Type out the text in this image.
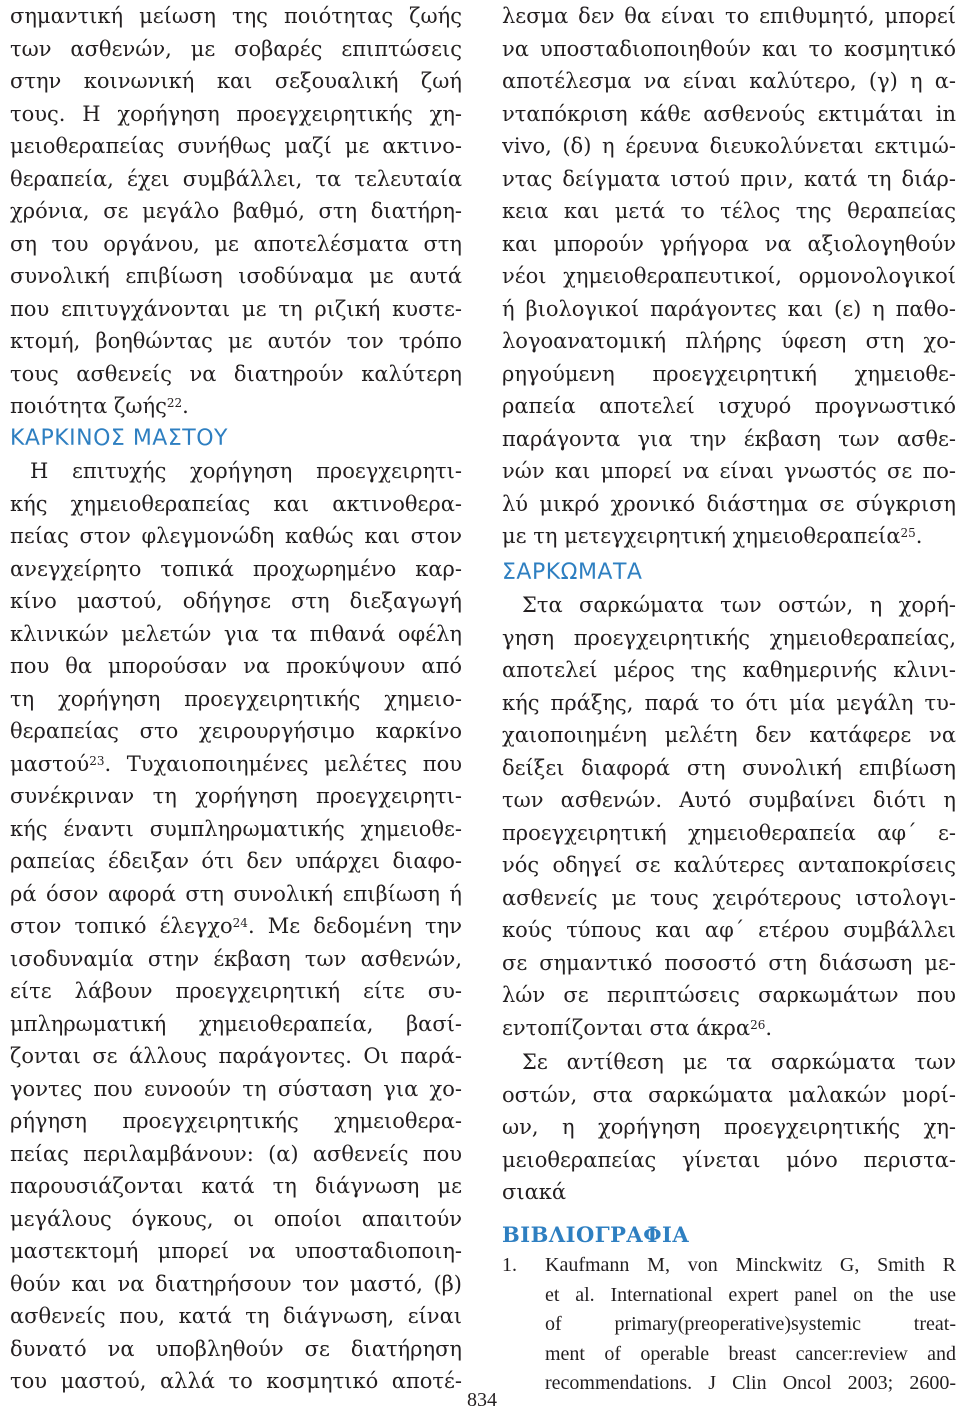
σημαντική μείωση της ποιότητας ζωής
των ασθενών, με σοβαρές επιπτώσεις
στην κοινωνική και σεξουαλική ζωή
τους. Η χορήγηση προεγχειρητικής χη-
μειοθεραπείας συνήθως μαζί με ακτινο-
θεραπεία, έχει συμβάλλει, τα τελευταία
χρόνια, σε μεγάλο βαθμό, στη διατήρη-
ση του οργάνου, με αποτελέσματα στη
συνολική επιβίωση ισοδύναμα με αυτά
που επιτυγχάνονται με τη ριζική κυστε-
κτομή, βοηθώντας με αυτόν τον τρόπο
τους ασθενείς να διατηρούν καλύτερη
ποιότητα ζωής$^{22}$.
ΚΑΡΚΙΝΟΣ ΜΑΣΤΟΥ
Η επιτυχής χορήγηση προεγχειρητι-
κής χημειοθεραπείας και ακτινοθερα-
πείας στον φλεγμονώδη καθώς και στον
ανεγχείρητο τοπικά προχωρημένο καρ-
κίνο μαστού, οδήγησε στη διεξαγωγή
κλινικών μελετών για τα πιθανά οφέλη
που θα μπορούσαν να προκύψουν από
τη χορήγηση προεγχειρητικής χημειο-
θεραπείας στο χειρουργήσιμο καρκίνο
μαστού$^{23}$. Τυχαιοποιημένες μελέτες που
συνέκριναν τη χορήγηση προεγχειρητι-
κής έναντι συμπληρωματικής χημειοθε-
ραπείας έδειξαν ότι δεν υπάρχει διαφο-
ρά όσον αφορά στη συνολική επιβίωση ή
στον τοπικό έλεγχο$^{24}$. Με δεδομένη την
ισοδυναμία στην έκβαση των ασθενών,
είτε λάβουν προεγχειρητική είτε συ-
μπληρωματική χημειοθεραπεία, βασί-
ζονται σε άλλους παράγοντες. Οι παρά-
γοντες που ευνοούν τη σύσταση για χο-
ρήγηση προεγχειρητικής χημειοθερα-
πείας περιλαμβάνουν: (α) ασθενείς που
παρουσιάζονται κατά τη διάγνωση με
μεγάλους όγκους, οι οποίοι απαιτούν
μαστεκτομή μπορεί να υποσταδιοποιη-
θούν και να διατηρήσουν τον μαστό, (β)
ασθενείς που, κατά τη διάγνωση, είναι
δυνατό να υποβληθούν σε διατήρηση
του μαστού, αλλά το κοσμητικό αποτέ-
λεσμα δεν θα είναι το επιθυμητό, μπορεί
να υποσταδιοποιηθούν και το κοσμητικό
αποτέλεσμα να είναι καλύτερο, (γ) η α-
νταπόκριση κάθε ασθενούς εκτιμάται in
vivo, (δ) η έρευνα διευκολύνεται εκτιμώ-
ντας δείγματα ιστού πριν, κατά τη διάρ-
κεια και μετά το τέλος της θεραπείας
και μπορούν γρήγορα να αξιολογηθούν
νέοι χημειοθεραπευτικοί, ορμονολογικοί
ή βιολογικοί παράγοντες και (ε) η παθο-
λογοανατομική πλήρης ύφεση στη χο-
ρηγούμενη προεγχειρητική χημειοθε-
ραπεία αποτελεί ισχυρό προγνωστικό
παράγοντα για την έκβαση των ασθε-
νών και μπορεί να είναι γνωστός σε πο-
λύ μικρό χρονικό διάστημα σε σύγκριση
με τη μετεγχειρητική χημειοθεραπεία$^{25}$.
ΣΑΡΚΩΜΑΤΑ
Στα σαρκώματα των οστών, η χορή-
γηση προεγχειρητικής χημειοθεραπείας,
αποτελεί μέρος της καθημερινής κλινι-
κής πράξης, παρά το ότι μία μεγάλη τυ-
χαιοποιημένη μελέτη δεν κατάφερε να
δείξει διαφορά στη συνολική επιβίωση
των ασθενών. Αυτό συμβαίνει διότι η
προεγχειρητική χημειοθεραπεία αφ΄ ε-
νός οδηγεί σε καλύτερες ανταποκρίσεις
ασθενείς με τους χειρότερους ιστολογι-
κούς τύπους και αφ΄ ετέρου συμβάλλει
σε σημαντικό ποσοστό στη διάσωση με-
λών σε περιπτώσεις σαρκωμάτων που
εντοπίζονται στα άκρα$^{26}$.
Σε αντίθεση με τα σαρκώματα των
οστών, στα σαρκώματα μαλακών μορί-
ων, η χορήγηση προεγχειρητικής χη-
μειοθεραπείας γίνεται μόνο περιστα-
σιακά
ΒΙΒΛΙΟΓΡΑΦΙΑ
1. Kaufmann M, von Minckwitz G, Smith R
et al. International expert panel on the use
of primary(preoperative)systemic treat-
ment of operable breast cancer:review and
recommendations. J Clin Oncol 2003; 2600-
834
